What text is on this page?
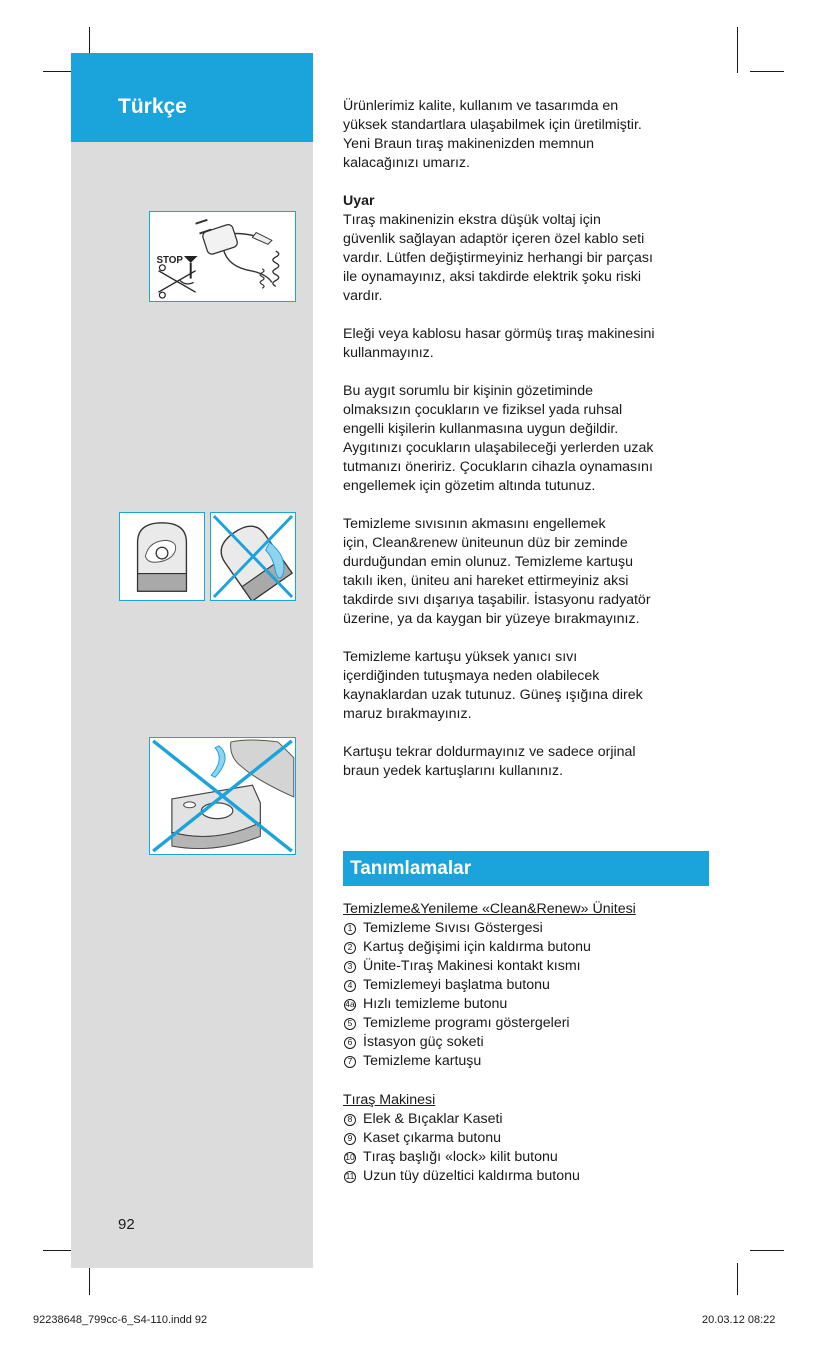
Türkçe
STOP
92

Ürünlerimiz kalite, kullanım ve tasarımda en
yüksek standartlara ulaşabilmek için üretilmiştir.
Yeni Braun tıraş makinenizden memnun
kalacağınızı umarız.

Uyar
Tıraş makinenizin ekstra düşük voltaj için
güvenlik sağlayan adaptör içeren özel kablo seti
vardır. Lütfen değiştirmeyiniz herhangi bir parçası
ile oynamayınız, aksi takdirde elektrik şoku riski
vardır.

Eleği veya kablosu hasar görmüş tıraş makinesini
kullanmayınız.

Bu aygıt sorumlu bir kişinin gözetiminde
olmaksızın çocukların ve fiziksel yada ruhsal
engelli kişilerin kullanmasına uygun değildir.
Aygıtınızı çocukların ulaşabileceği yerlerden uzak
tutmanızı öneririz. Çocukların cihazla oynamasını
engellemek için gözetim altında tutunuz.

Temizleme sıvısının akmasını engellemek
için, Clean&renew üniteunun düz bir zeminde
durduğundan emin olunuz. Temizleme kartuşu
takılı iken, üniteu ani hareket ettirmeyiniz aksi
takdirde sıvı dışarıya taşabilir. İstasyonu radyatör
üzerine, ya da kaygan bir yüzeye bırakmayınız.

Temizleme kartuşu yüksek yanıcı sıvı
içerdiğinden tutuşmaya neden olabilecek
kaynaklardan uzak tutunuz. Güneş ışığına direk
maruz bırakmayınız.

Kartuşu tekrar doldurmayınız ve sadece orjinal
braun yedek kartuşlarını kullanınız.

Tanımlamalar
Temizleme&Yenileme «Clean&Renew» Ünitesi
1 Temizleme Sıvısı Göstergesi
2 Kartuş değişimi için kaldırma butonu
3 Ünite-Tıraş Makinesi kontakt kısmı
4 Temizlemeyi başlatma butonu
4a Hızlı temizleme butonu
5 Temizleme programı göstergeleri
6 İstasyon güç soketi
7 Temizleme kartuşu
Tıraş Makinesi
8 Elek & Bıçaklar Kaseti
9 Kaset çıkarma butonu
10 Tıraş başlığı «lock» kilit butonu
11 Uzun tüy düzeltici kaldırma butonu
92238648_799cc-6_S4-110.indd 92	20.03.12 08:22
